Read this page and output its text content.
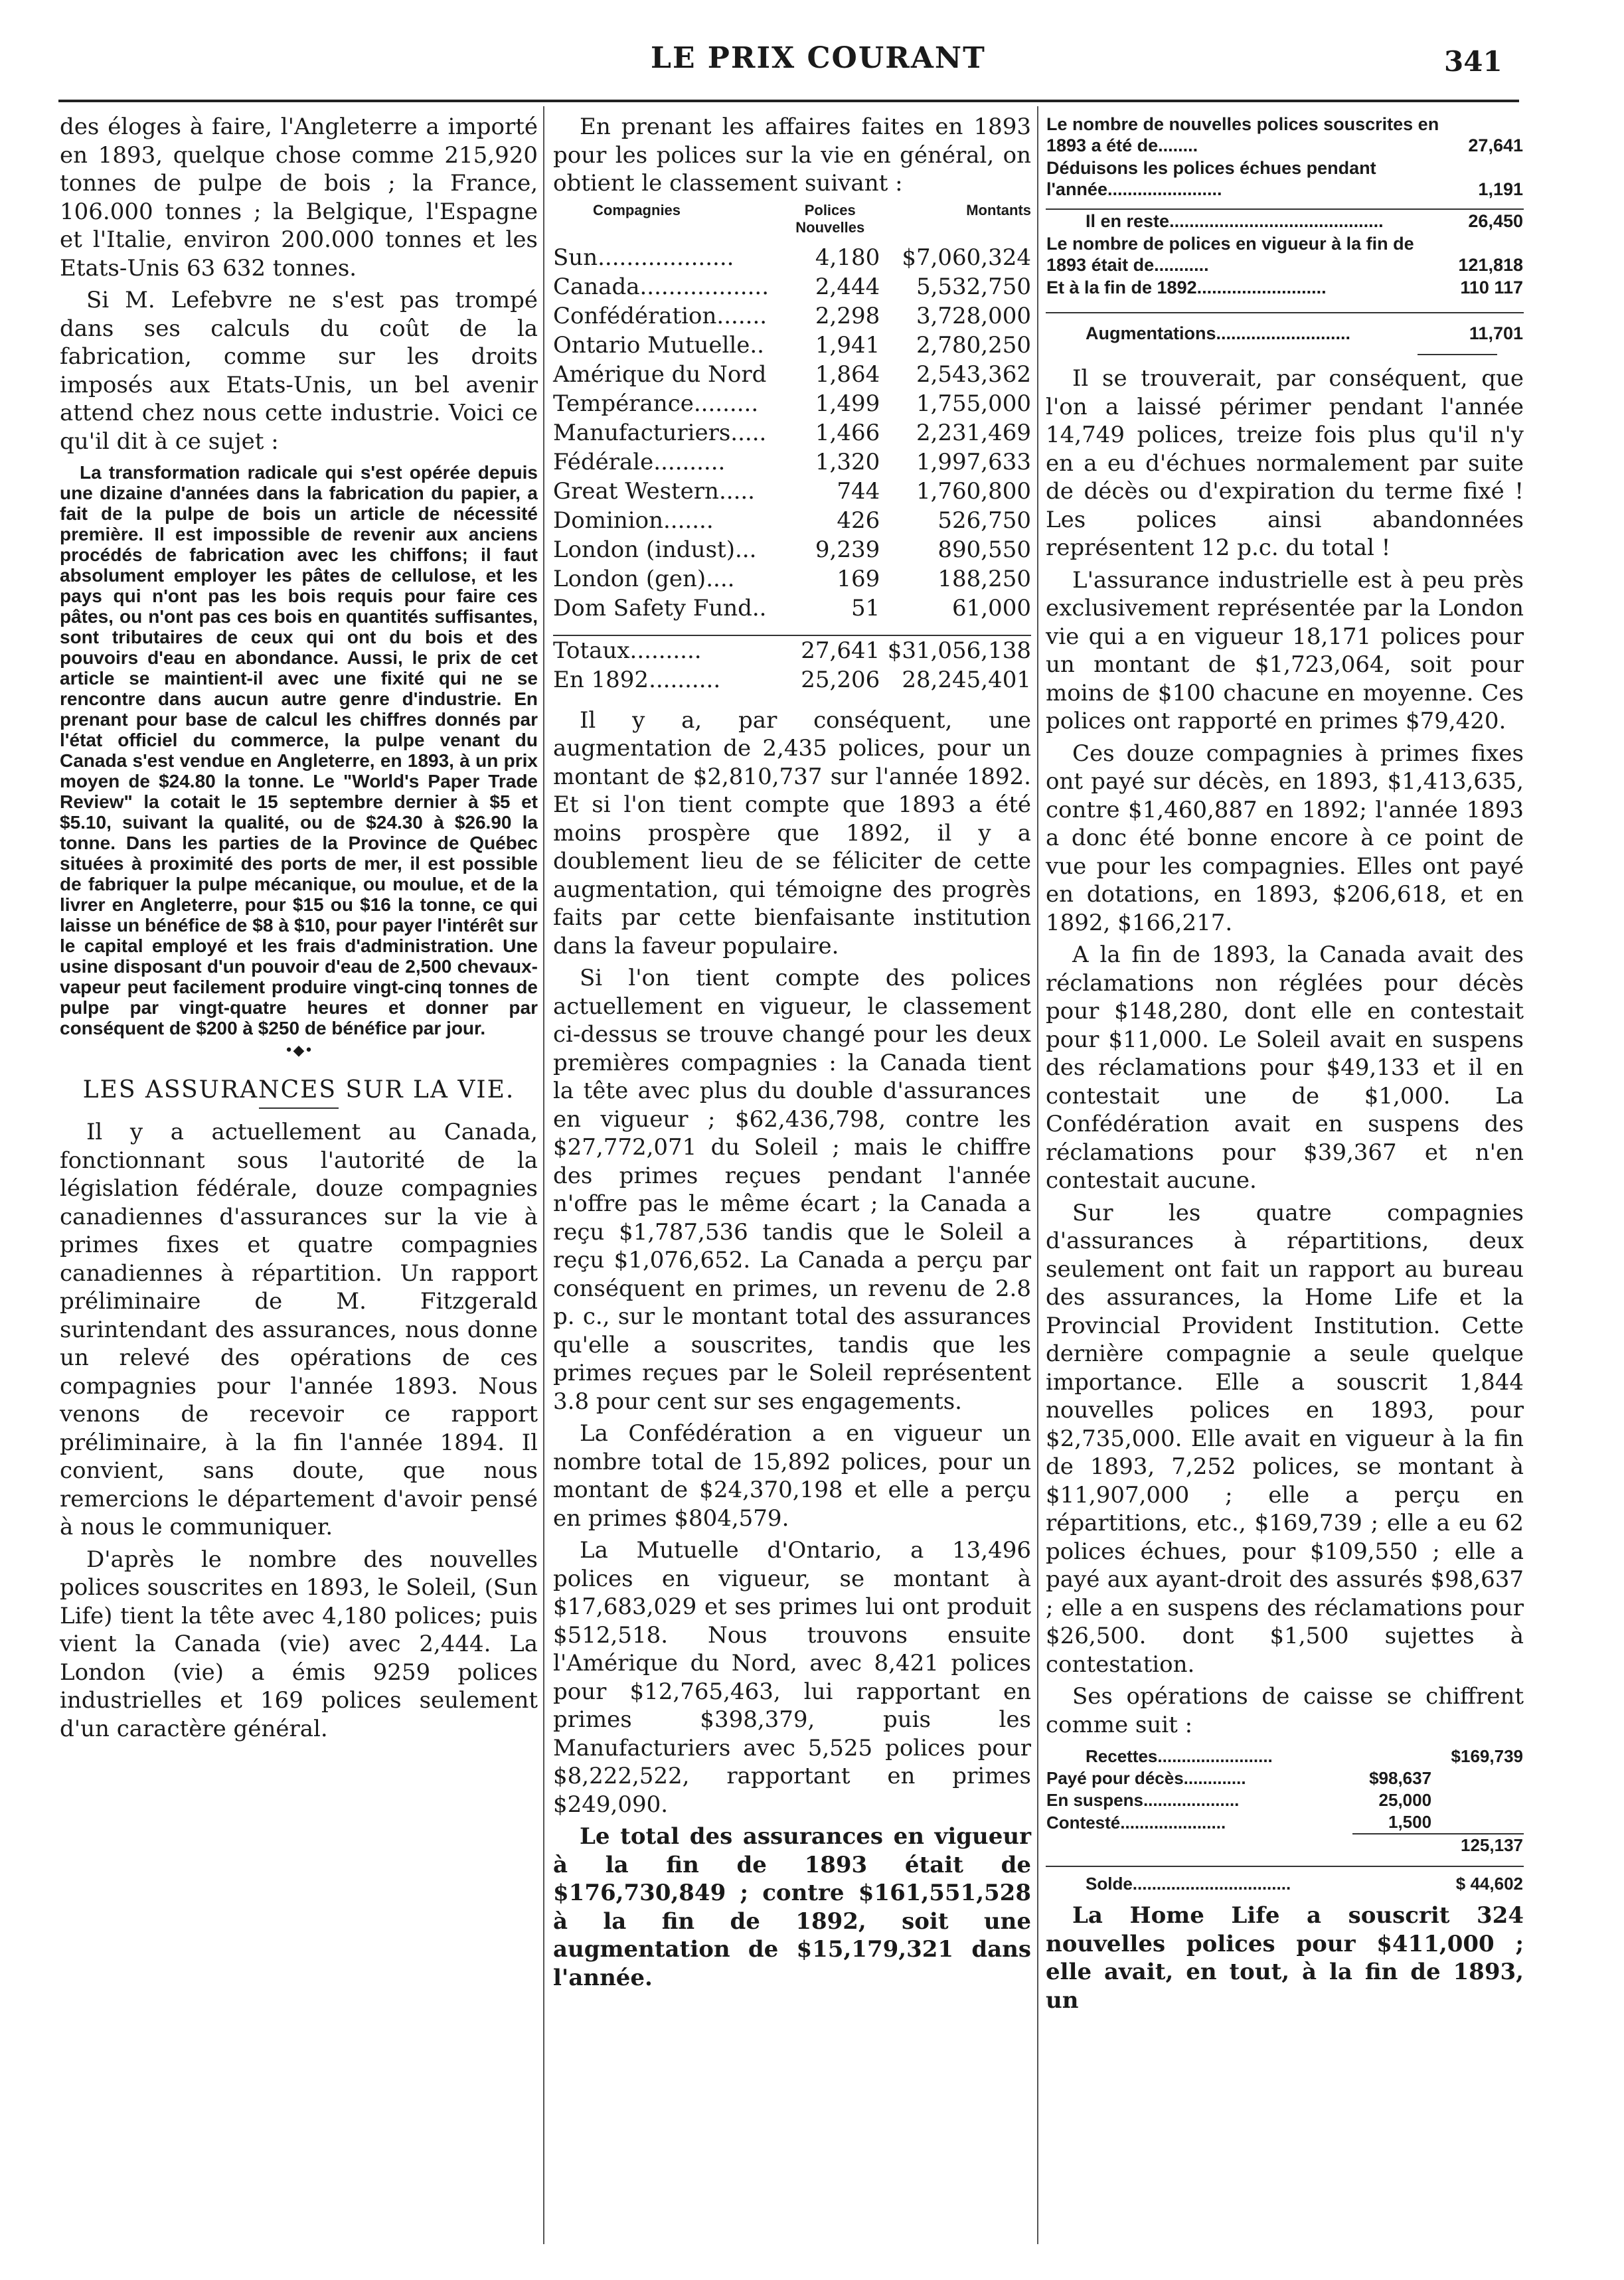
LE PRIX COURANT	341

des éloges à faire, l'Angleterre a importé en 1893, quelque chose comme 215,920 tonnes de pulpe de bois ; la France, 106.000 tonnes ; la Belgique, l'Espagne et l'Italie, environ 200.000 tonnes et les Etats-Unis 63 632 tonnes.

Si M. Lefebvre ne s'est pas trompé dans ses calculs du coût de la fabrication, comme sur les droits imposés aux Etats-Unis, un bel avenir attend chez nous cette industrie. Voici ce qu'il dit à ce sujet :

La transformation radicale qui s'est opérée depuis une dizaine d'années dans la fabrication du papier, a fait de la pulpe de bois un article de nécessité première. Il est impossible de revenir aux anciens procédés de fabrication avec les chiffons; il faut absolument employer les pâtes de cellulose, et les pays qui n'ont pas les bois requis pour faire ces pâtes, ou n'ont pas ces bois en quantités suffisantes, sont tributaires de ceux qui ont du bois et des pouvoirs d'eau en abondance. Aussi, le prix de cet article se maintient-il avec une fixité qui ne se rencontre dans aucun autre genre d'industrie. En prenant pour base de calcul les chiffres donnés par l'état officiel du commerce, la pulpe venant du Canada s'est vendue en Angleterre, en 1893, à un prix moyen de $24.80 la tonne. Le "World's Paper Trade Review" la cotait le 15 septembre dernier à $5 et $5.10, suivant la qualité, ou de $24.30 à $26.90 la tonne. Dans les parties de la Province de Québec situées à proximité des ports de mer, il est possible de fabriquer la pulpe mécanique, ou moulue, et de la livrer en Angleterre, pour $15 ou $16 la tonne, ce qui laisse un bénéfice de $8 à $10, pour payer l'intérêt sur le capital employé et les frais d'administration. Une usine disposant d'un pouvoir d'eau de 2,500 chevaux-vapeur peut facilement produire vingt-cinq tonnes de pulpe par vingt-quatre heures et donner par conséquent de $200 à $250 de bénéfice par jour.

•◆•
LES ASSURANCES SUR LA VIE.

Il y a actuellement au Canada, fonctionnant sous l'autorité de la législation fédérale, douze compagnies canadiennes d'assurances sur la vie à primes fixes et quatre compagnies canadiennes à répartition. Un rapport préliminaire de M. Fitzgerald surintendant des assurances, nous donne un relevé des opérations de ces compagnies pour l'année 1893. Nous venons de recevoir ce rapport préliminaire, à la fin l'année 1894. Il convient, sans doute, que nous remercions le département d'avoir pensé à nous le communiquer.

D'après le nombre des nouvelles polices souscrites en 1893, le Soleil, (Sun Life) tient la tête avec 4,180 polices; puis vient la Canada (vie) avec 2,444. La London (vie) a émis 9259 polices industrielles et 169 polices seulement d'un caractère général.

En prenant les affaires faites en 1893 pour les polices sur la vie en général, on obtient le classement suivant :

Compagnies	Polices Nouvelles	Montants
Sun...................	4,180	$7,060,324
Canada..................	2,444	5,532,750
Confédération.......	2,298	3,728,000
Ontario Mutuelle..	1,941	2,780,250
Amérique du Nord	1,864	2,543,362
Tempérance.........	1,499	1,755,000
Manufacturiers.....	1,466	2,231,469
Fédérale..........	1,320	1,997,633
Great Western.....	744	1,760,800
Dominion.......	426	526,750
London (indust)...	9,239	890,550
London (gen)....	169	188,250
Dom Safety Fund..	51	61,000

Totaux..........	27,641	$31,056,138
En 1892..........	25,206	28,245,401

Il y a, par conséquent, une augmentation de 2,435 polices, pour un montant de $2,810,737 sur l'année 1892. Et si l'on tient compte que 1893 a été moins prospère que 1892, il y a doublement lieu de se féliciter de cette augmentation, qui témoigne des progrès faits par cette bienfaisante institution dans la faveur populaire.

Si l'on tient compte des polices actuellement en vigueur, le classement ci-dessus se trouve changé pour les deux premières compagnies : la Canada tient la tête avec plus du double d'assurances en vigueur ; $62,436,798, contre les $27,772,071 du Soleil ; mais le chiffre des primes reçues pendant l'année n'offre pas le même écart ; la Canada a reçu $1,787,536 tandis que le Soleil a reçu $1,076,652. La Canada a perçu par conséquent en primes, un revenu de 2.8 p. c., sur le montant total des assurances qu'elle a souscrites, tandis que les primes reçues par le Soleil représentent 3.8 pour cent sur ses engagements.

La Confédération a en vigueur un nombre total de 15,892 polices, pour un montant de $24,370,198 et elle a perçu en primes $804,579.

La Mutuelle d'Ontario, a 13,496 polices en vigueur, se montant à $17,683,029 et ses primes lui ont produit $512,518. Nous trouvons ensuite l'Amérique du Nord, avec 8,421 polices pour $12,765,463, lui rapportant en primes $398,379, puis les Manufacturiers avec 5,525 polices pour $8,222,522, rapportant en primes $249,090.

Le total des assurances en vigueur à la fin de 1893 était de $176,730,849 ; contre $161,551,528 à la fin de 1892, soit une augmentation de $15,179,321 dans l'année.

Le nombre de nouvelles polices souscrites en 1893 a été de........	27,641
Déduisons les polices échues pendant l'année.......................	1,191

Il en reste...........................................	26,450
Le nombre de polices en vigueur à la fin de 1893 était de...........	121,818
Et à la fin de 1892..........................	110 117

Augmentations...........................	11,701

Il se trouverait, par conséquent, que l'on a laissé périmer pendant l'année 14,749 polices, treize fois plus qu'il n'y en a eu d'échues normalement par suite de décès ou d'expiration du terme fixé ! Les polices ainsi abandonnées représentent 12 p.c. du total !

L'assurance industrielle est à peu près exclusivement représentée par la London vie qui a en vigueur 18,171 polices pour un montant de $1,723,064, soit pour moins de $100 chacune en moyenne. Ces polices ont rapporté en primes $79,420.

Ces douze compagnies à primes fixes ont payé sur décès, en 1893, $1,413,635, contre $1,460,887 en 1892; l'année 1893 a donc été bonne encore à ce point de vue pour les compagnies. Elles ont payé en dotations, en 1893, $206,618, et en 1892, $166,217.

A la fin de 1893, la Canada avait des réclamations non réglées pour décès pour $148,280, dont elle en contestait pour $11,000. Le Soleil avait en suspens des réclamations pour $49,133 et il en contestait une de $1,000. La Confédération avait en suspens des réclamations pour $39,367 et n'en contestait aucune.

Sur les quatre compagnies d'assurances à répartitions, deux seulement ont fait un rapport au bureau des assurances, la Home Life et la Provincial Provident Institution. Cette dernière compagnie a seule quelque importance. Elle a souscrit 1,844 nouvelles polices en 1893, pour $2,735,000. Elle avait en vigueur à la fin de 1893, 7,252 polices, se montant à $11,907,000 ; elle a perçu en répartitions, etc., $169,739 ; elle a eu 62 polices échues, pour $109,550 ; elle a payé aux ayant-droit des assurés $98,637 ; elle a en suspens des réclamations pour $26,500. dont $1,500 sujettes à contestation.

Ses opérations de caisse se chiffrent comme suit :

Recettes........................		$169,739
Payé pour décès.............	$98,637	
En suspens....................	25,000	
Contesté......................	1,500	
		125,137

Solde.................................		$ 44,602

La Home Life a souscrit 324 nouvelles polices pour $411,000 ; elle avait, en tout, à la fin de 1893, un
